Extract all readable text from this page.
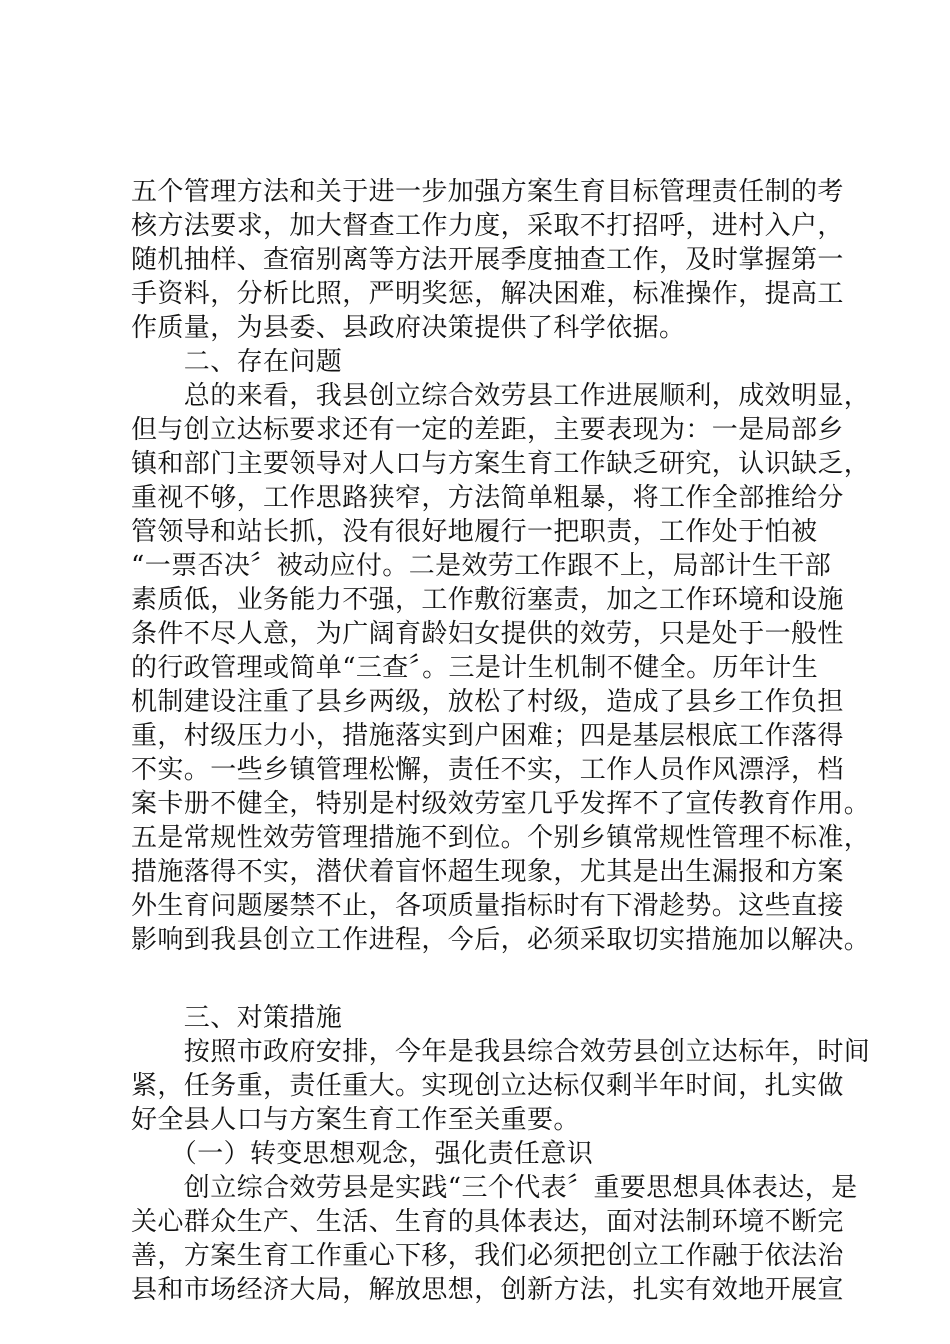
五个管理方法和关于进一步加强方案生育目标管理责任制的考
核方法要求，加大督查工作力度，采取不打招呼，进村入户，
随机抽样、查宿别离等方法开展季度抽查工作，及时掌握第一
手资料，分析比照，严明奖惩，解决困难，标准操作，提高工
作质量，为县委、县政府决策提供了科学依据。
　　二、存在问题
　　总的来看，我县创立综合效劳县工作进展顺利，成效明显，
但与创立达标要求还有一定的差距，主要表现为：一是局部乡
镇和部门主要领导对人口与方案生育工作缺乏研究，认识缺乏，
重视不够，工作思路狭窄，方法简单粗暴，将工作全部推给分
管领导和站长抓，没有很好地履行一把职责，工作处于怕被
“一票否决〞被动应付。二是效劳工作跟不上，局部计生干部
素质低，业务能力不强，工作敷衍塞责，加之工作环境和设施
条件不尽人意，为广阔育龄妇女提供的效劳，只是处于一般性
的行政管理或简单“三查〞。三是计生机制不健全。历年计生
机制建设注重了县乡两级，放松了村级，造成了县乡工作负担
重，村级压力小，措施落实到户困难；四是基层根底工作落得
不实。一些乡镇管理松懈，责任不实，工作人员作风漂浮，档
案卡册不健全，特别是村级效劳室几乎发挥不了宣传教育作用。
五是常规性效劳管理措施不到位。个别乡镇常规性管理不标准，
措施落得不实，潜伏着盲怀超生现象，尤其是出生漏报和方案
外生育问题屡禁不止，各项质量指标时有下滑趁势。这些直接
影响到我县创立工作进程，今后，必须采取切实措施加以解决。
　　三、对策措施
　　按照市政府安排，今年是我县综合效劳县创立达标年，时间
紧，任务重，责任重大。实现创立达标仅剩半年时间，扎实做
好全县人口与方案生育工作至关重要。
　　（一）转变思想观念，强化责任意识
　　创立综合效劳县是实践“三个代表〞重要思想具体表达，是
关心群众生产、生活、生育的具体表达，面对法制环境不断完
善，方案生育工作重心下移，我们必须把创立工作融于依法治
县和市场经济大局，解放思想，创新方法，扎实有效地开展宣
